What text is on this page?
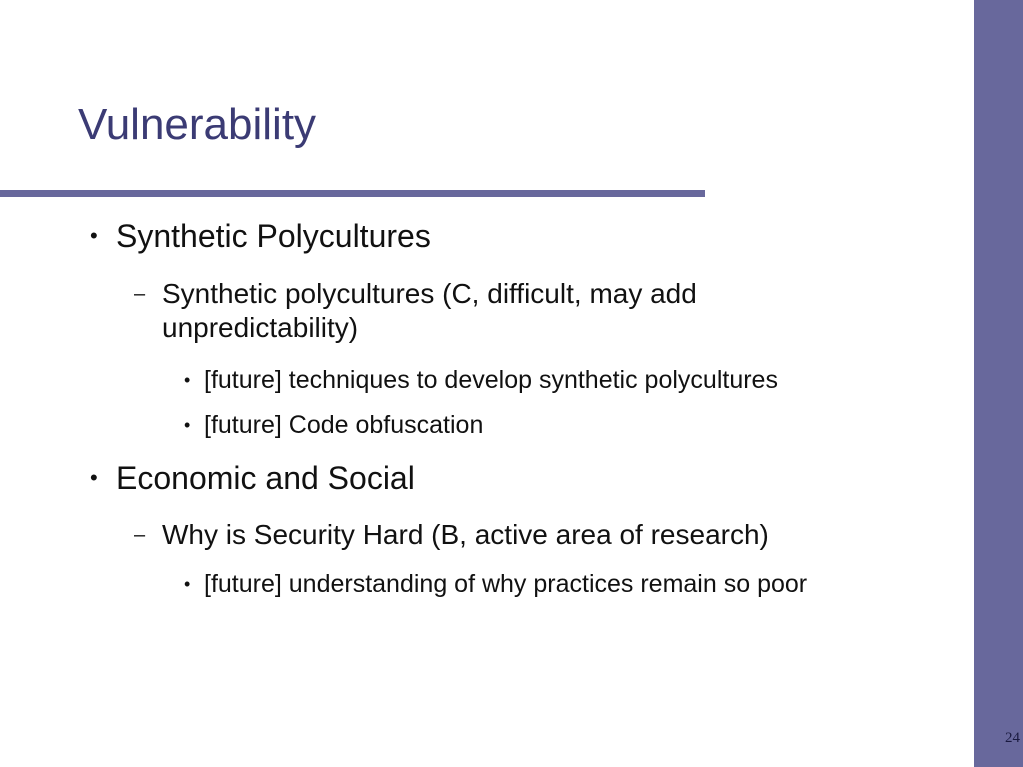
24
Vulnerability
• Synthetic Polycultures
– Synthetic polycultures (C, difficult, may add unpredictability)
• [future] techniques to develop synthetic polycultures
• [future] Code obfuscation
• Economic and Social
– Why is Security Hard (B, active area of research)
• [future] understanding of why practices remain so poor
